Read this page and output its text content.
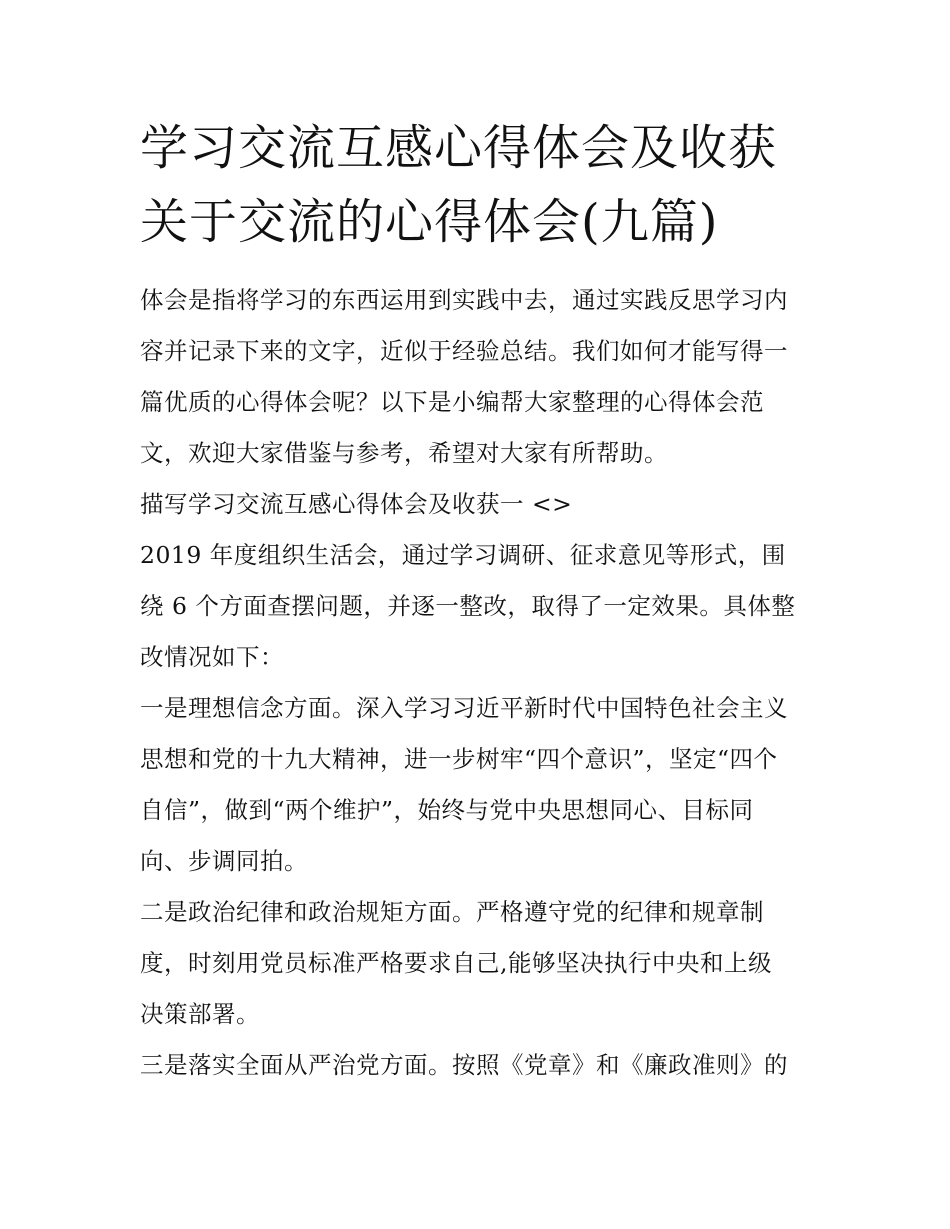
学习交流互感心得体会及收获
关于交流的心得体会(九篇)
体会是指将学习的东西运用到实践中去，通过实践反思学习内
容并记录下来的文字，近似于经验总结。我们如何才能写得一
篇优质的心得体会呢？以下是小编帮大家整理的心得体会范
文，欢迎大家借鉴与参考，希望对大家有所帮助。
描写学习交流互感心得体会及收获一 <>
2019 年度组织生活会，通过学习调研、征求意见等形式，围
绕 6 个方面查摆问题，并逐一整改，取得了一定效果。具体整
改情况如下：
一是理想信念方面。深入学习习近平新时代中国特色社会主义
思想和党的十九大精神，进一步树牢“四个意识”，坚定“四个
自信”，做到“两个维护”，始终与党中央思想同心、目标同
向、步调同拍。
二是政治纪律和政治规矩方面。严格遵守党的纪律和规章制
度，时刻用党员标准严格要求自己,能够坚决执行中央和上级
决策部署。
三是落实全面从严治党方面。按照《党章》和《廉政准则》的
